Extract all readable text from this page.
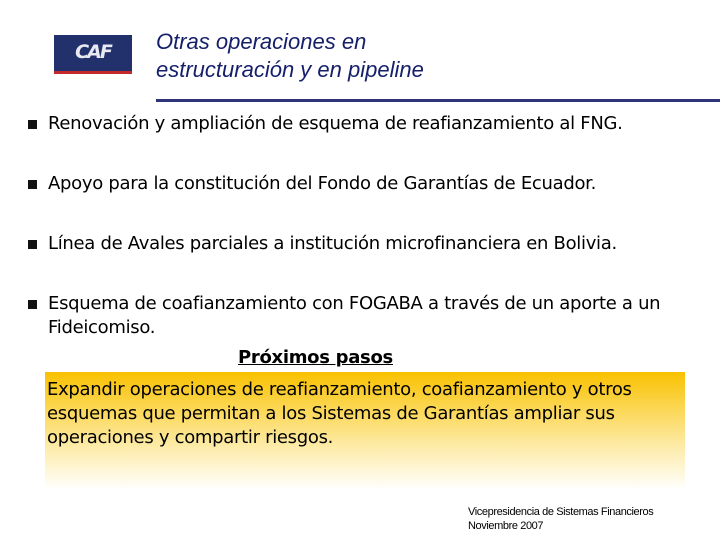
CAF	Otras operaciones en
estructuración y en pipeline
Renovación y ampliación de esquema de reafianzamiento al FNG.
Apoyo para la constitución del Fondo de Garantías de Ecuador.
Línea de Avales parciales a institución microfinanciera en Bolivia.
Esquema de coafianzamiento con FOGABA a través de un aporte a un Fideicomiso.
Próximos pasos
Expandir operaciones de reafianzamiento, coafianzamiento y otros esquemas que permitan a los Sistemas de Garantías ampliar sus operaciones y compartir riesgos.
Vicepresidencia de Sistemas Financieros
Noviembre 2007
